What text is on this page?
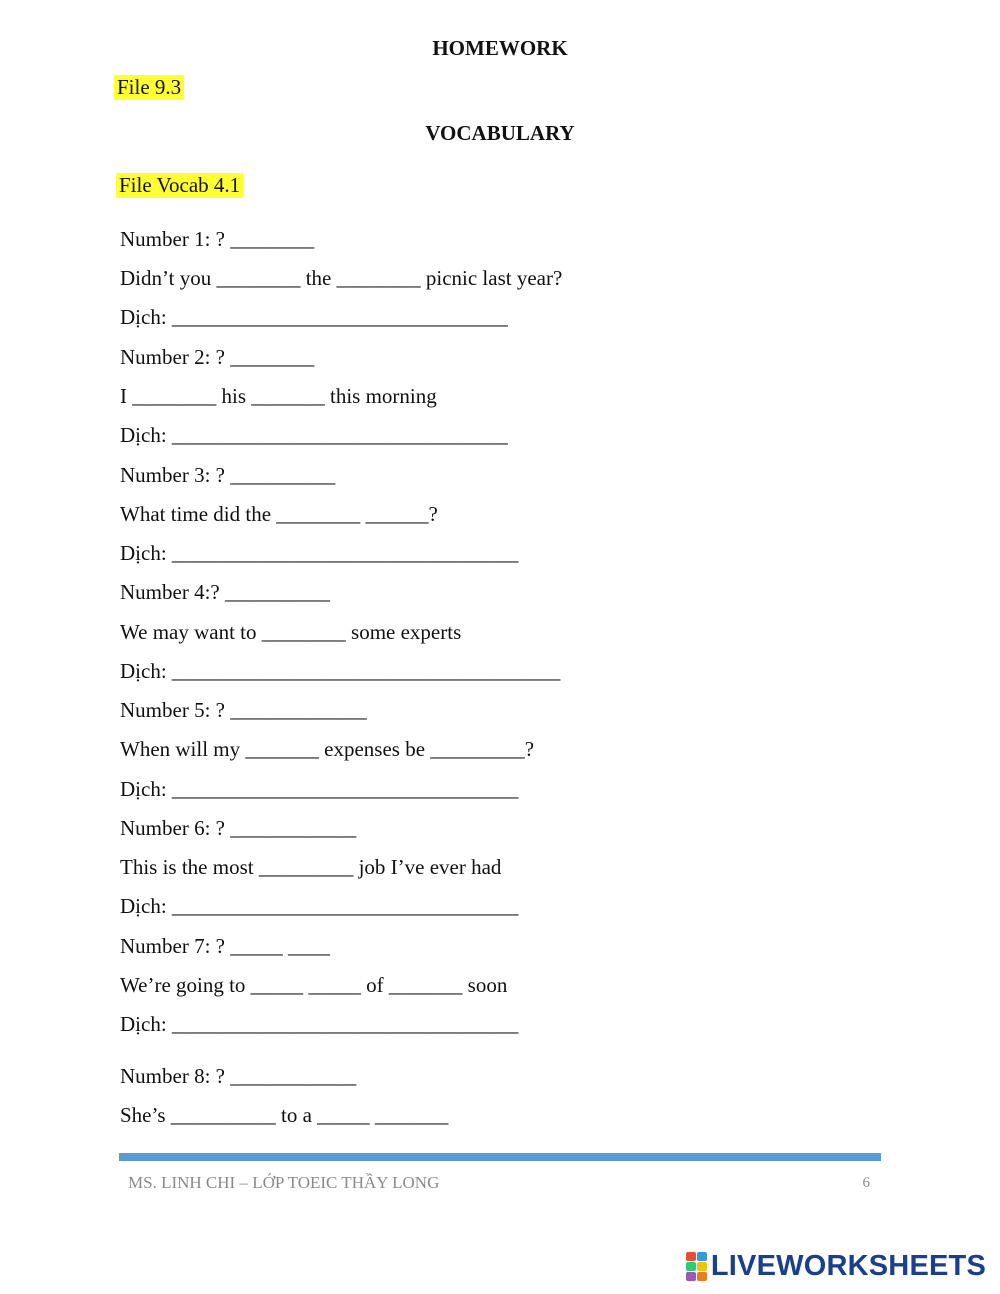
HOMEWORK
File 9.3
VOCABULARY
File Vocab 4.1
Number 1: ? ________
Didn’t you ________ the ________ picnic last year?
Dịch: ________________________________
Number 2: ? ________
I ________ his _______ this morning
Dịch: ________________________________
Number 3: ? __________
What time did the ________ ______?
Dịch: _________________________________
Number 4:? __________
We may want to ________ some experts
Dịch: _____________________________________
Number 5: ? _____________
When will my _______ expenses be _________?
Dịch: _________________________________
Number 6: ? ____________
This is the most _________ job I’ve ever had
Dịch: _________________________________
Number 7: ? _____ ____
We’re going to _____ _____ of _______ soon
Dịch: _________________________________
Number 8: ? ____________
She’s __________ to a _____ _______
MS. LINH CHI – LỚP TOEIC THẦY LONG	6
LIVEWORKSHEETS
